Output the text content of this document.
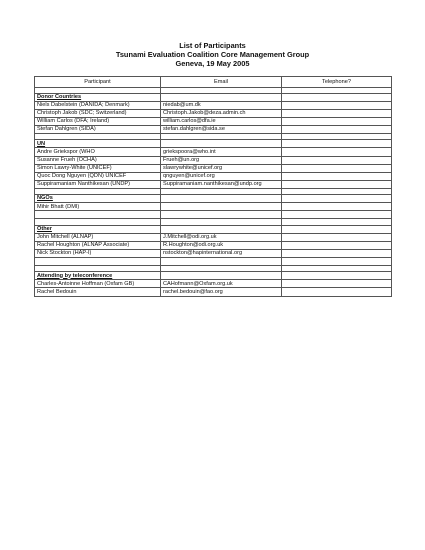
List of Participants
Tsunami Evaluation Coalition Core Management Group
Geneva, 19 May 2005
Participant	Email	Telephone?

Donor Countries		
Niels Dabelstein (DANIDA; Denmark)	niedab@um.dk	
Christoph Jakob (SDC; Switzerland)	Christoph.Jakob@deza.admin.ch	
William Carlos (DFA; Ireland)	william.carlos@dfa.ie	
Stefan Dahlgren (SIDA)	stefan.dahlgren@sida.se	

UN		
Andre Griekspor (WHO	griekspoora@who.int	
Susanne Frueh (OCHA)	Frueh@un.org	
Simon Lawry-White (UNICEF)	slawrywhite@unicef.org	
Quoc Dong Nguyen (QDN) UNICEF	qnguyen@unicef.org	
Suppiramaniam Nanthikesan (UNDP)	Suppiramaniam.nanthikesan@undp.org	

NGOs		
Mihir Bhatt (DMI)		

Other		
John Mitchell (ALNAP)	J.Mitchell@odi.org.uk	
Rachel Houghton (ALNAP Associate)	R.Houghton@odi.org.uk	
Nick Stockton (HAP-I)	nstockton@hapinternational.org	

Attending by teleconference		
Charles-Antoinne Hoffman (Oxfam GB)	CAHofmann@Oxfam.org.uk	
Rachel Bedouin	rachel.bedouin@fao.org	
